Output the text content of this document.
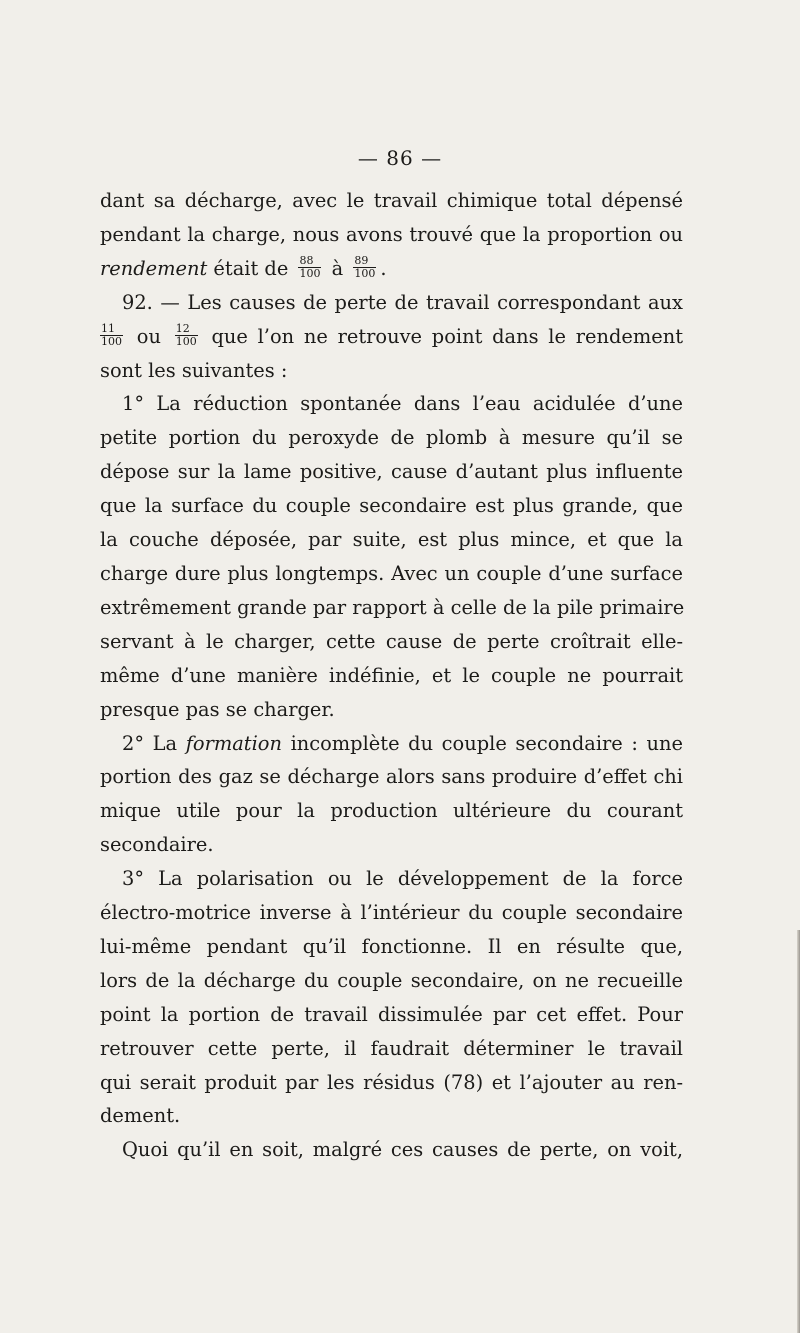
— 86 —
dant sa décharge, avec le travail chimique total dépensé
pendant la charge, nous avons trouvé que la proportion ou
rendement était de $\frac{88}{100}$ à $\frac{89}{100}$ .
92. — Les causes de perte de travail correspondant aux
$\frac{11}{100}$ ou $\frac{12}{100}$ que l’on ne retrouve point dans le rendement
sont les suivantes :
1° La réduction spontanée dans l’eau acidulée d’une
petite portion du peroxyde de plomb à mesure qu’il se
dépose sur la lame positive, cause d’autant plus influente
que la surface du couple secondaire est plus grande, que
la couche déposée, par suite, est plus mince, et que la
charge dure plus longtemps. Avec un couple d’une surface
extrêmement grande par rapport à celle de la pile primaire
servant à le charger, cette cause de perte croîtrait elle-
même d’une manière indéfinie, et le couple ne pourrait
presque pas se charger.
2° La formation incomplète du couple secondaire : une
portion des gaz se décharge alors sans produire d’effet chi
mique utile pour la production ultérieure du courant
secondaire.
3° La polarisation ou le développement de la force
électro-motrice inverse à l’intérieur du couple secondaire
lui-même pendant qu’il fonctionne. Il en résulte que,
lors de la décharge du couple secondaire, on ne recueille
point la portion de travail dissimulée par cet effet. Pour
retrouver cette perte, il faudrait déterminer le travail
qui serait produit par les résidus (78) et l’ajouter au ren-
dement.
Quoi qu’il en soit, malgré ces causes de perte, on voit,
